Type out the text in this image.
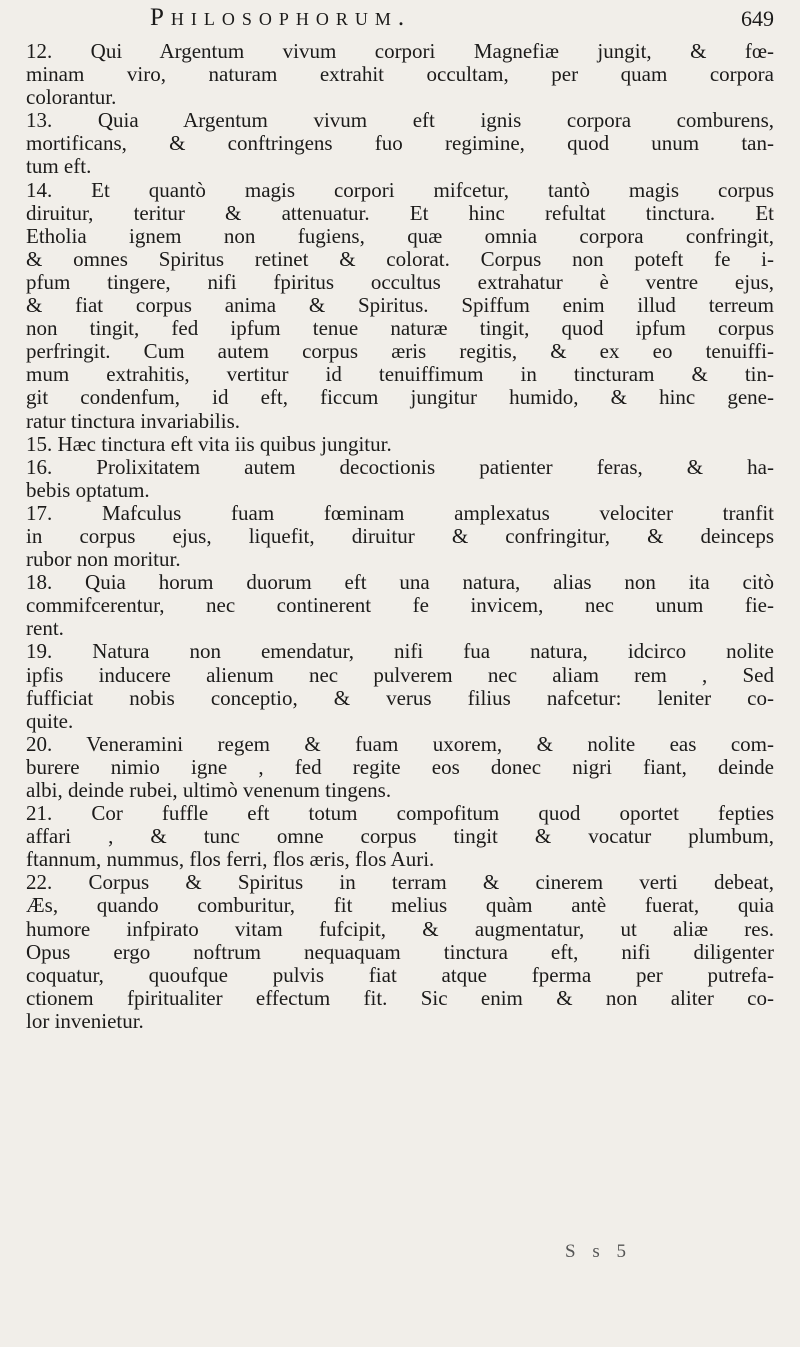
Philosophorum.	649
12. Qui Argentum vivum corpori Magnefiæ jungit, & fœ-
minam viro, naturam extrahit occultam, per quam corpora
colorantur.
13. Quia Argentum vivum eft ignis corpora comburens,
mortificans, & conftringens fuo regimine, quod unum tan-
tum eft.
14. Et quantò magis corpori mifcetur, tantò magis corpus
diruitur, teritur & attenuatur. Et hinc refultat tinctura. Et
Etholia ignem non fugiens, quæ omnia corpora confringit,
& omnes Spiritus retinet & colorat. Corpus non poteft fe i-
pfum tingere, nifi fpiritus occultus extrahatur è ventre ejus,
& fiat corpus anima & Spiritus. Spiffum enim illud terreum
non tingit, fed ipfum tenue naturæ tingit, quod ipfum corpus
perfringit. Cum autem corpus æris regitis, & ex eo tenuiffi-
mum extrahitis, vertitur id tenuiffimum in tincturam & tin-
git condenfum, id eft, ficcum jungitur humido, & hinc gene-
ratur tinctura invariabilis.
15. Hæc tinctura eft vita iis quibus jungitur.
16. Prolixitatem autem decoctionis patienter feras, & ha-
bebis optatum.
17. Mafculus fuam fœminam amplexatus velociter tranfit
in corpus ejus, liquefit, diruitur & confringitur, & deinceps
rubor non moritur.
18. Quia horum duorum eft una natura, alias non ita citò
commifcerentur, nec continerent fe invicem, nec unum fie-
rent.
19. Natura non emendatur, nifi fua natura, idcirco nolite
ipfis inducere alienum nec pulverem nec aliam rem , Sed
fufficiat nobis conceptio, & verus filius nafcetur: leniter co-
quite.
20. Veneramini regem & fuam uxorem, & nolite eas com-
burere nimio igne , fed regite eos donec nigri fiant, deinde
albi, deinde rubei, ultimò venenum tingens.
21. Cor fuffle eft totum compofitum quod oportet fepties
affari , & tunc omne corpus tingit & vocatur plumbum,
ftannum, nummus, flos ferri, flos æris, flos Auri.
22. Corpus & Spiritus in terram & cinerem verti debeat,
Æs, quando comburitur, fit melius quàm antè fuerat, quia
humore infpirato vitam fufcipit, & augmentatur, ut aliæ res.
Opus ergo noftrum nequaquam tinctura eft, nifi diligenter
coquatur, quoufque pulvis fiat atque fperma per putrefa-
ctionem fpiritualiter effectum fit. Sic enim & non aliter co-
lor invenietur.
S s 5
